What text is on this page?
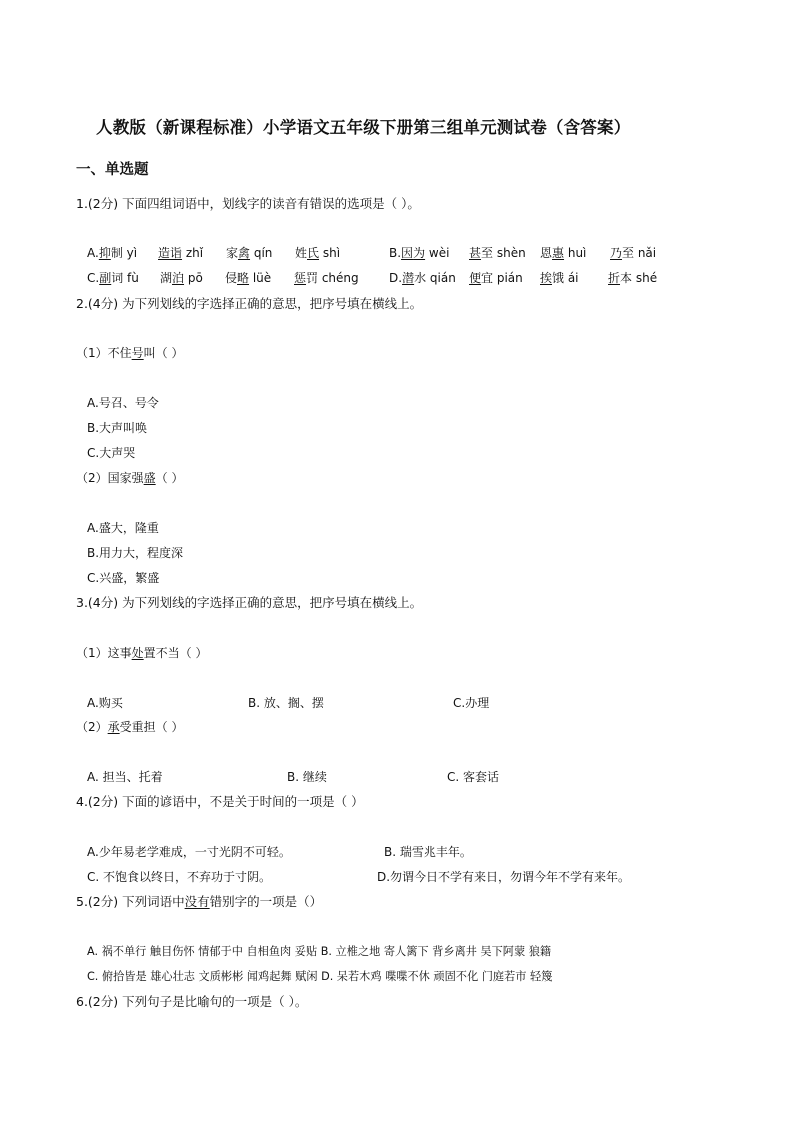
人教版（新课程标准）小学语文五年级下册第三组单元测试卷（含答案）
一、单选题
1.(2分) 下面四组词语中，划线字的读音有错误的选项是（ ）。
A.抑制 yì 造诣 zhǐ 家禽 qín 姓氏 shì	B.因为 wèi 甚至 shèn 恩惠 huì 乃至 nǎi
C.副词 fù 湖泊 pō 侵略 lüè 惩罚 chéng	D.潜水 qián 便宜 pián 挨饿 ái 折本 shé
2.(4分) 为下列划线的字选择正确的意思，把序号填在横线上。
（1）不住号叫（ ）
A.号召、号令
B.大声叫唤
C.大声哭
（2）国家强盛（ ）
A.盛大，隆重
B.用力大，程度深
C.兴盛，繁盛
3.(4分) 为下列划线的字选择正确的意思，把序号填在横线上。
（1）这事处置不当（ ）
A.购买	B. 放、搁、摆	C.办理
（2）承受重担（ ）
A. 担当、托着	B. 继续	C. 客套话
4.(2分) 下面的谚语中，不是关于时间的一项是（ ）
A.少年易老学难成，一寸光阴不可轻。	B. 瑞雪兆丰年。
C. 不饱食以终日，不弃功于寸阴。	D.勿谓今日不学有来日，勿谓今年不学有来年。
5.(2分) 下列词语中没有错别字的一项是（）
A. 祸不单行 触目伤怀 情郁于中 自相鱼肉 妥贴 B. 立椎之地 寄人篱下 背乡离井 吴下阿蒙 狼籍
C. 俯拾皆是 雄心壮志 文质彬彬 闻鸡起舞 赋闲 D. 呆若木鸡 喋喋不休 顽固不化 门庭若市 轻篾
6.(2分) 下列句子是比喻句的一项是（ ）。
